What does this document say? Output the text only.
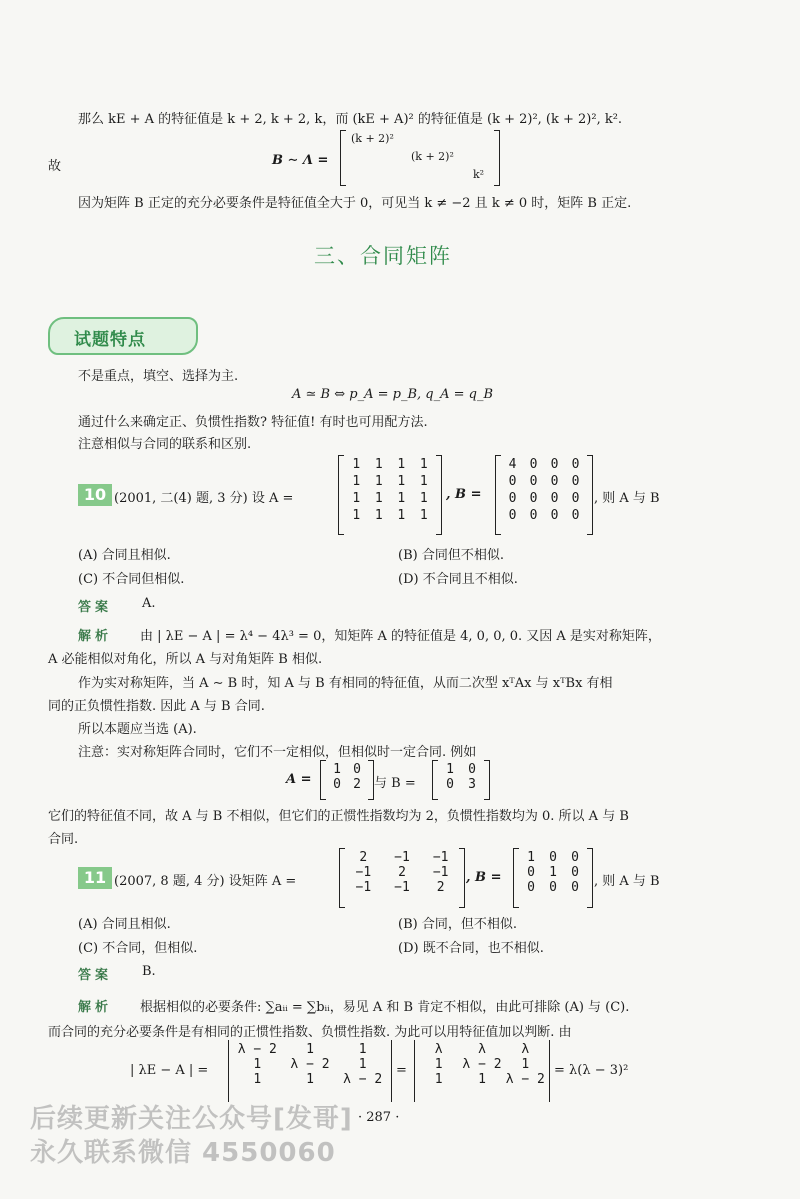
那么 kE + A 的特征值是 k + 2, k + 2, k，而 (kE + A)² 的特征值是 (k + 2)², (k + 2)², k².
故	B ∼ Λ =
(k + 2)²
(k + 2)²
k²
因为矩阵 B 正定的充分必要条件是特征值全大于 0，可见当 k ≠ −2 且 k ≠ 0 时，矩阵 B 正定.
三、合同矩阵
试题特点
不是重点，填空、选择为主.
A ≃ B ⇔ p_A = p_B, q_A = q_B
通过什么来确定正、负惯性指数? 特征值! 有时也可用配方法.
注意相似与合同的联系和区别.
10 (2001, 二(4) 题, 3 分) 设 A =
1	1	1	1
1	1	1	1
1	1	1	1
1	1	1	1
, B =
4	0	0	0
0	0	0	0
0	0	0	0
0	0	0	0
, 则 A 与 B
(A) 合同且相似.	(B) 合同但不相似.
(C) 不合同但相似.	(D) 不合同且不相似.
答案 A.
解析 由 | λE − A | = λ⁴ − 4λ³ = 0，知矩阵 A 的特征值是 4, 0, 0, 0. 又因 A 是实对称矩阵，
A 必能相似对角化，所以 A 与对角矩阵 B 相似.
作为实对称矩阵，当 A ∼ B 时，知 A 与 B 有相同的特征值，从而二次型 xᵀAx 与 xᵀBx 有相
同的正负惯性指数. 因此 A 与 B 合同.
所以本题应当选 (A).
注意：实对称矩阵合同时，它们不一定相似，但相似时一定合同. 例如
A =
1 0
0 2	与 B =
1	0
0	3
它们的特征值不同，故 A 与 B 不相似，但它们的正惯性指数均为 2，负惯性指数均为 0. 所以 A 与 B
合同.
11 (2007, 8 题, 4 分) 设矩阵 A =
2	−1	−1
−1	2	−1
−1	−1	2
, B =
1	0	0
0	1	0
0	0	0	, 则 A 与 B
(A) 合同且相似.	(B) 合同，但不相似.
(C) 不合同，但相似.	(D) 既不合同，也不相似.
答案 B.
解析 根据相似的必要条件: ∑aᵢᵢ = ∑bᵢᵢ，易见 A 和 B 肯定不相似，由此可排除 (A) 与 (C).
而合同的充分必要条件是有相同的正惯性指数、负惯性指数. 为此可以用特征值加以判断. 由
| λE − A | =
λ − 2	1	1
1	λ − 2	1
1	1	λ − 2
=
λ	λ	λ
1	λ − 2	1
1	1	λ − 2
= λ(λ − 3)²
· 287 ·
后续更新关注公众号[发哥]
永久联系微信 4550060
